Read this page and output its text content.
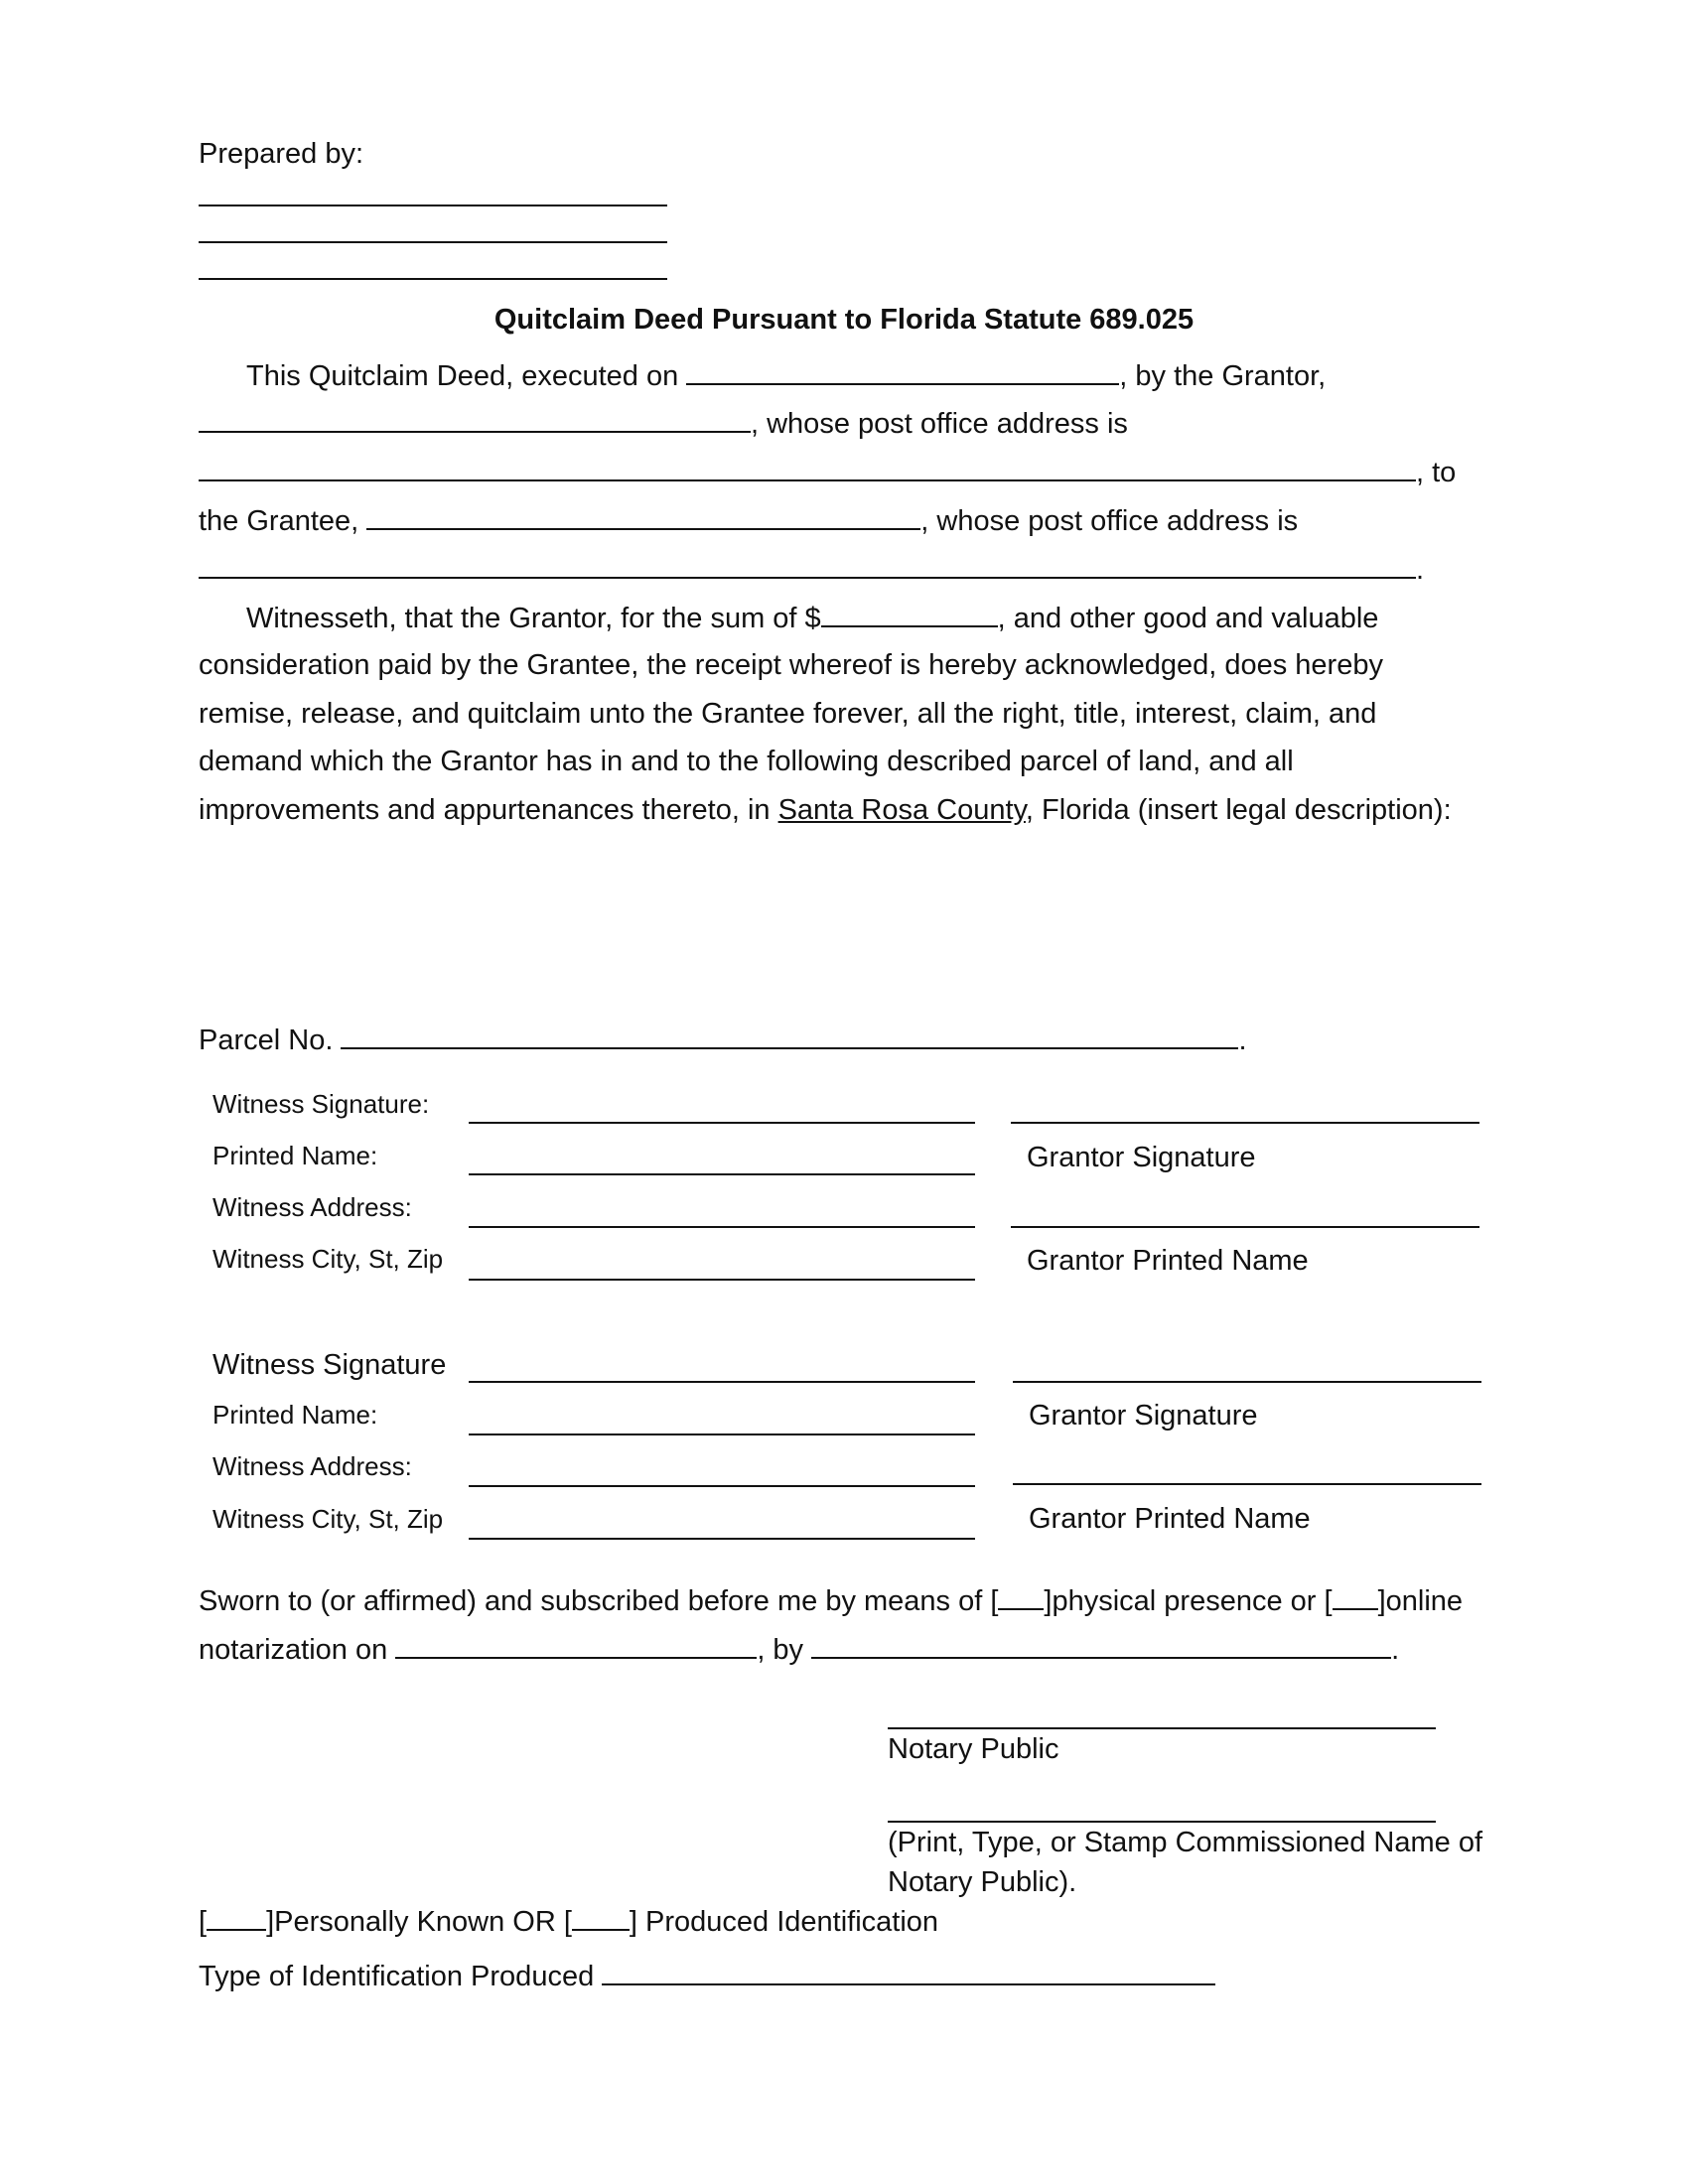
Prepared by:
Quitclaim Deed Pursuant to Florida Statute 689.025
This Quitclaim Deed, executed on	, by the Grantor,
, whose post office address is
, to
the Grantee,	, whose post office address is
.
Witnesseth, that the Grantor, for the sum of $	, and other good and valuable
consideration paid by the Grantee, the receipt whereof is hereby acknowledged, does hereby
remise, release, and quitclaim unto the Grantee forever, all the right, title, interest, claim, and
demand which the Grantor has in and to the following described parcel of land, and all
improvements and appurtenances thereto, in Santa Rosa County, Florida (insert legal description):
Parcel No.	.
Witness Signature:
Printed Name:	Grantor Signature
Witness Address:
Witness City, St, Zip	Grantor Printed Name
Witness Signature
Printed Name:	Grantor Signature
Witness Address:
Witness City, St, Zip	Grantor Printed Name
Sworn to (or affirmed) and subscribed before me by means of [ ]physical presence or [ ]online
notarization on	, by	.
Notary Public
(Print, Type, or Stamp Commissioned Name of
Notary Public).
[ ]Personally Known OR [ ] Produced Identification
Type of Identification Produced
